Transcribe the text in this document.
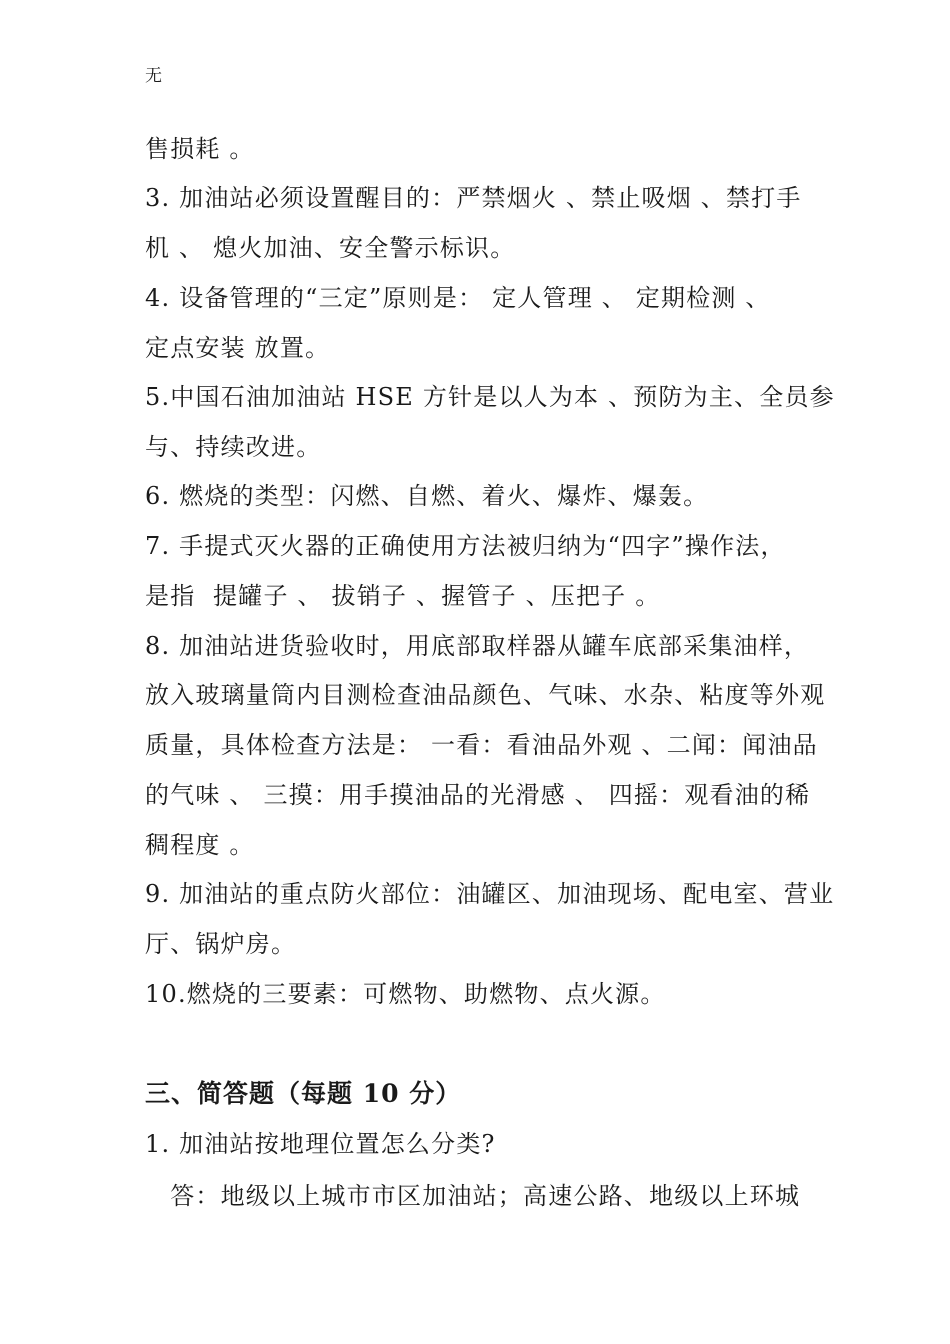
无
售损耗 。
3. 加油站必须设置醒目的：严禁烟火 、禁止吸烟 、禁打手
机 、 熄火加油、安全警示标识。
4. 设备管理的“三定”原则是： 定人管理 、 定期检测 、
定点安装 放置。
5.中国石油加油站 HSE 方针是以人为本 、预防为主、全员参
与、持续改进。
6. 燃烧的类型：闪燃、自燃、着火、爆炸、爆轰。
7. 手提式灭火器的正确使用方法被归纳为“四字”操作法，
是指  提罐子 、 拔销子 、握管子 、压把子 。
8. 加油站进货验收时，用底部取样器从罐车底部采集油样，
放入玻璃量筒内目测检查油品颜色、气味、水杂、粘度等外观
质量，具体检查方法是： 一看：看油品外观 、二闻：闻油品
的气味 、 三摸：用手摸油品的光滑感 、 四摇：观看油的稀
稠程度 。
9. 加油站的重点防火部位：油罐区、加油现场、配电室、营业
厅、锅炉房。
10.燃烧的三要素：可燃物、助燃物、点火源。
三、简答题（每题 10 分）
1. 加油站按地理位置怎么分类?
　答：地级以上城市市区加油站；高速公路、地级以上环城
